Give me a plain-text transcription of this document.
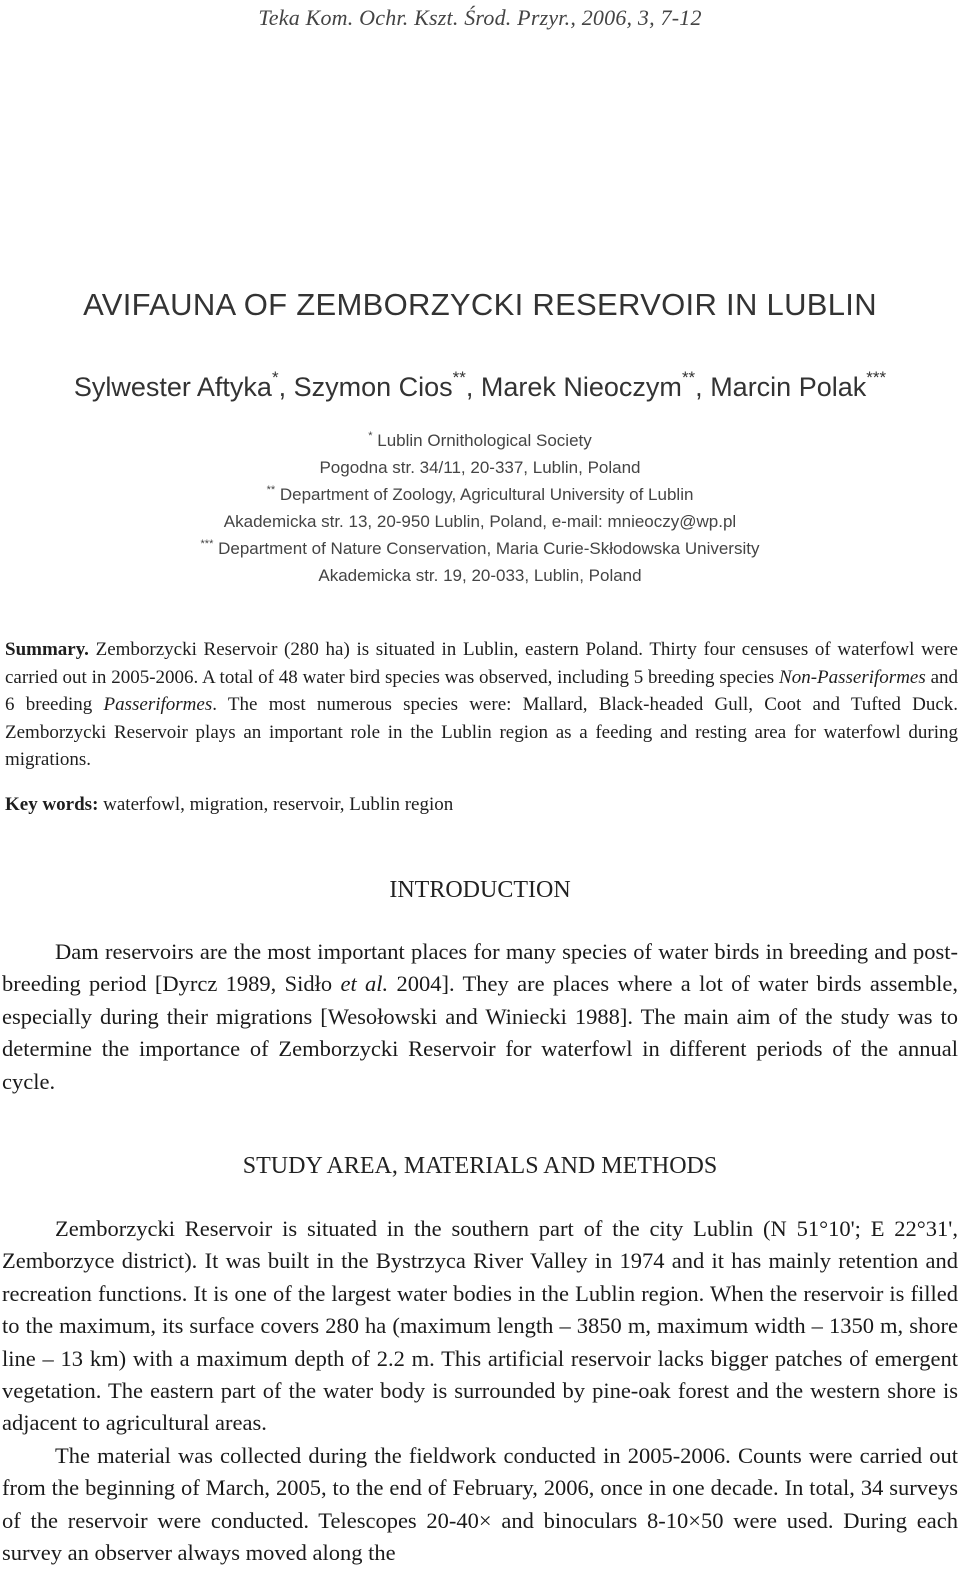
Teka Kom. Ochr. Kszt. Środ. Przyr., 2006, 3, 7-12
AVIFAUNA OF ZEMBORZYCKI RESERVOIR IN LUBLIN
Sylwester Aftyka*, Szymon Cios**, Marek Nieoczym**, Marcin Polak***
* Lublin Ornithological Society
Pogodna str. 34/11, 20-337, Lublin, Poland
** Department of Zoology, Agricultural University of Lublin
Akademicka str. 13, 20-950 Lublin, Poland, e-mail: mnieoczy@wp.pl
*** Department of Nature Conservation, Maria Curie-Skłodowska University
Akademicka str. 19, 20-033, Lublin, Poland
Summary. Zemborzycki Reservoir (280 ha) is situated in Lublin, eastern Poland. Thirty four censuses of waterfowl were carried out in 2005-2006. A total of 48 water bird species was observed, including 5 breeding species Non-Passeriformes and 6 breeding Passeriformes. The most numerous species were: Mallard, Black-headed Gull, Coot and Tufted Duck. Zemborzycki Reservoir plays an important role in the Lublin region as a feeding and resting area for waterfowl during migrations.
Key words: waterfowl, migration, reservoir, Lublin region
INTRODUCTION
Dam reservoirs are the most important places for many species of water birds in breeding and post-breeding period [Dyrcz 1989, Sidło et al. 2004]. They are places where a lot of water birds assemble, especially during their migrations [Wesołowski and Winiecki 1988]. The main aim of the study was to determine the importance of Zemborzycki Reservoir for waterfowl in different periods of the annual cycle.
STUDY AREA, MATERIALS AND METHODS

Zemborzycki Reservoir is situated in the southern part of the city Lublin (N 51°10'; E 22°31', Zemborzyce district). It was built in the Bystrzyca River Valley in 1974 and it has mainly retention and recreation functions. It is one of the largest water bodies in the Lublin region. When the reservoir is filled to the maximum, its surface covers 280 ha (maximum length – 3850 m, maximum width – 1350 m, shore line – 13 km) with a maximum depth of 2.2 m. This artificial reservoir lacks bigger patches of emergent vegetation. The eastern part of the water body is surrounded by pine-oak forest and the western shore is adjacent to agricultural areas.

The material was collected during the fieldwork conducted in 2005-2006. Counts were carried out from the beginning of March, 2005, to the end of February, 2006, once in one decade. In total, 34 surveys of the reservoir were conducted. Telescopes 20-40× and binoculars 8-10×50 were used. During each survey an observer always moved along the
